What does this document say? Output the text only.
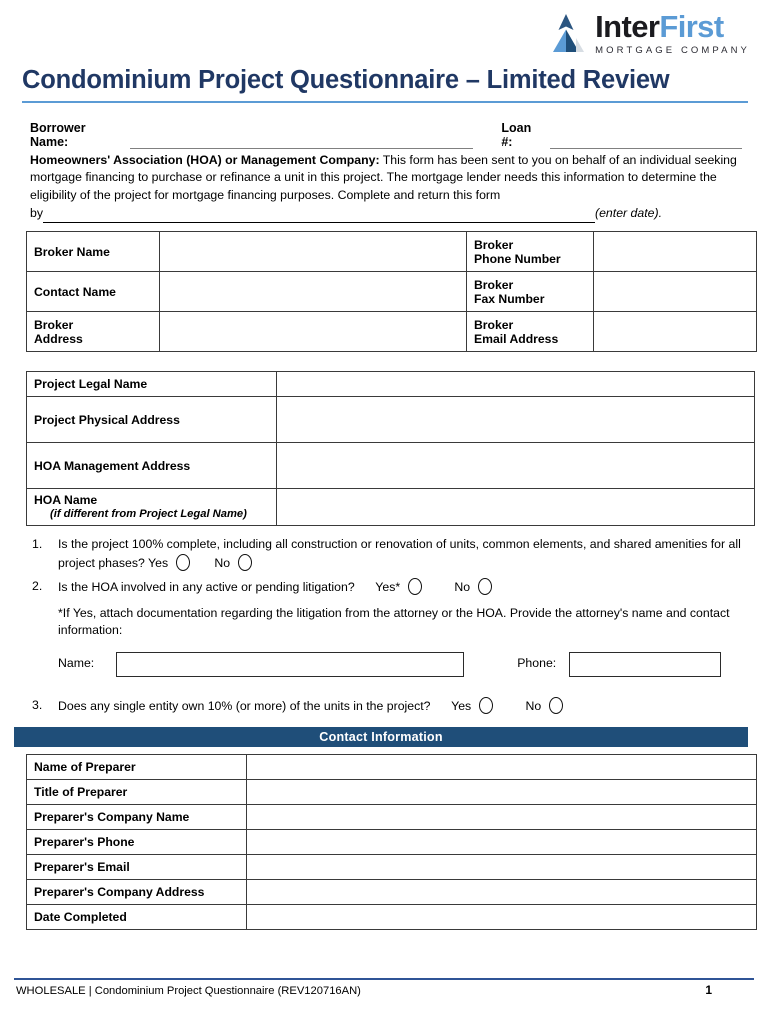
InterFirst
MORTGAGE COMPANY
Condominium Project Questionnaire – Limited Review
Borrower Name:
Loan #:
Homeowners' Association (HOA) or Management Company: This form has been sent to you on behalf of an individual seeking mortgage financing to purchase or refinance a unit in this project. The mortgage lender needs this information to determine the eligibility of the project for mortgage financing purposes. Complete and return this form
by	(enter date).
Broker Name		Broker
Phone Number	

Contact Name		Broker
Fax Number	

Broker
Address		Broker
Email Address	

Project Legal Name	
Project Physical Address	
HOA Management Address	

HOA Name
(if different from Project Legal Name)	

1.	Is the project 100% complete, including all construction or renovation of units, common elements, and shared amenities for all project phases? Yes	No
2.	Is the HOA involved in any active or pending litigation? Yes*	No
*If Yes, attach documentation regarding the litigation from the attorney or the HOA. Provide the attorney's name and contact information:
Name:	Phone:
3.	Does any single entity own 10% (or more) of the units in the project? Yes	No
Contact Information
Name of Preparer	
Title of Preparer	
Preparer's Company Name	
Preparer's Phone	
Preparer's Email	
Preparer's Company Address	
Date Completed	
WHOLESALE | Condominium Project Questionnaire (REV120716AN)	1
